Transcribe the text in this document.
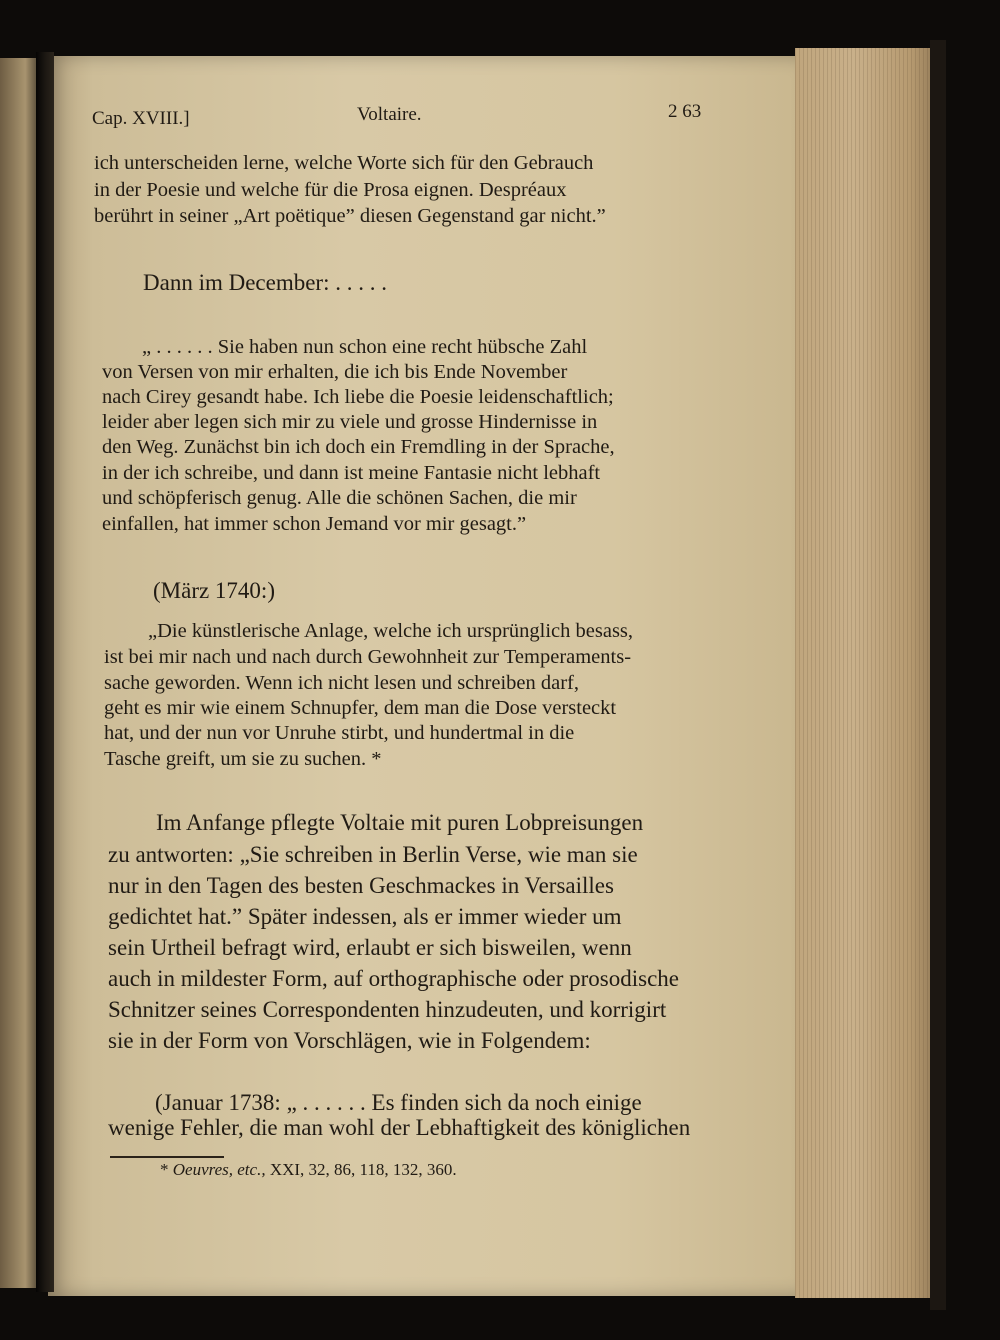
Cap. XVIII.]	Voltaire.	2 63
ich unterscheiden lerne, welche Worte sich für den Gebrauch
in der Poesie und welche für die Prosa eignen. Despréaux
berührt in seiner „Art poëtique” diesen Gegenstand gar nicht.”
Dann im December: . . . . .
„ . . . . . . Sie haben nun schon eine recht hübsche Zahl
von Versen von mir erhalten, die ich bis Ende November
nach Cirey gesandt habe. Ich liebe die Poesie leidenschaftlich;
leider aber legen sich mir zu viele und grosse Hindernisse in
den Weg. Zunächst bin ich doch ein Fremdling in der Sprache,
in der ich schreibe, und dann ist meine Fantasie nicht lebhaft
und schöpferisch genug. Alle die schönen Sachen, die mir
einfallen, hat immer schon Jemand vor mir gesagt.”
(März 1740:)
„Die künstlerische Anlage, welche ich ursprünglich besass,
ist bei mir nach und nach durch Gewohnheit zur Temperaments-
sache geworden. Wenn ich nicht lesen und schreiben darf,
geht es mir wie einem Schnupfer, dem man die Dose versteckt
hat, und der nun vor Unruhe stirbt, und hundertmal in die
Tasche greift, um sie zu suchen. *
Im Anfange pflegte Voltaie mit puren Lobpreisungen
zu antworten: „Sie schreiben in Berlin Verse, wie man sie
nur in den Tagen des besten Geschmackes in Versailles
gedichtet hat.” Später indessen, als er immer wieder um
sein Urtheil befragt wird, erlaubt er sich bisweilen, wenn
auch in mildester Form, auf orthographische oder prosodische
Schnitzer seines Correspondenten hinzudeuten, und korrigirt
sie in der Form von Vorschlägen, wie in Folgendem:
(Januar 1738: „ . . . . . . Es finden sich da noch einige
wenige Fehler, die man wohl der Lebhaftigkeit des königlichen
* Oeuvres, etc., XXI, 32, 86, 118, 132, 360.
